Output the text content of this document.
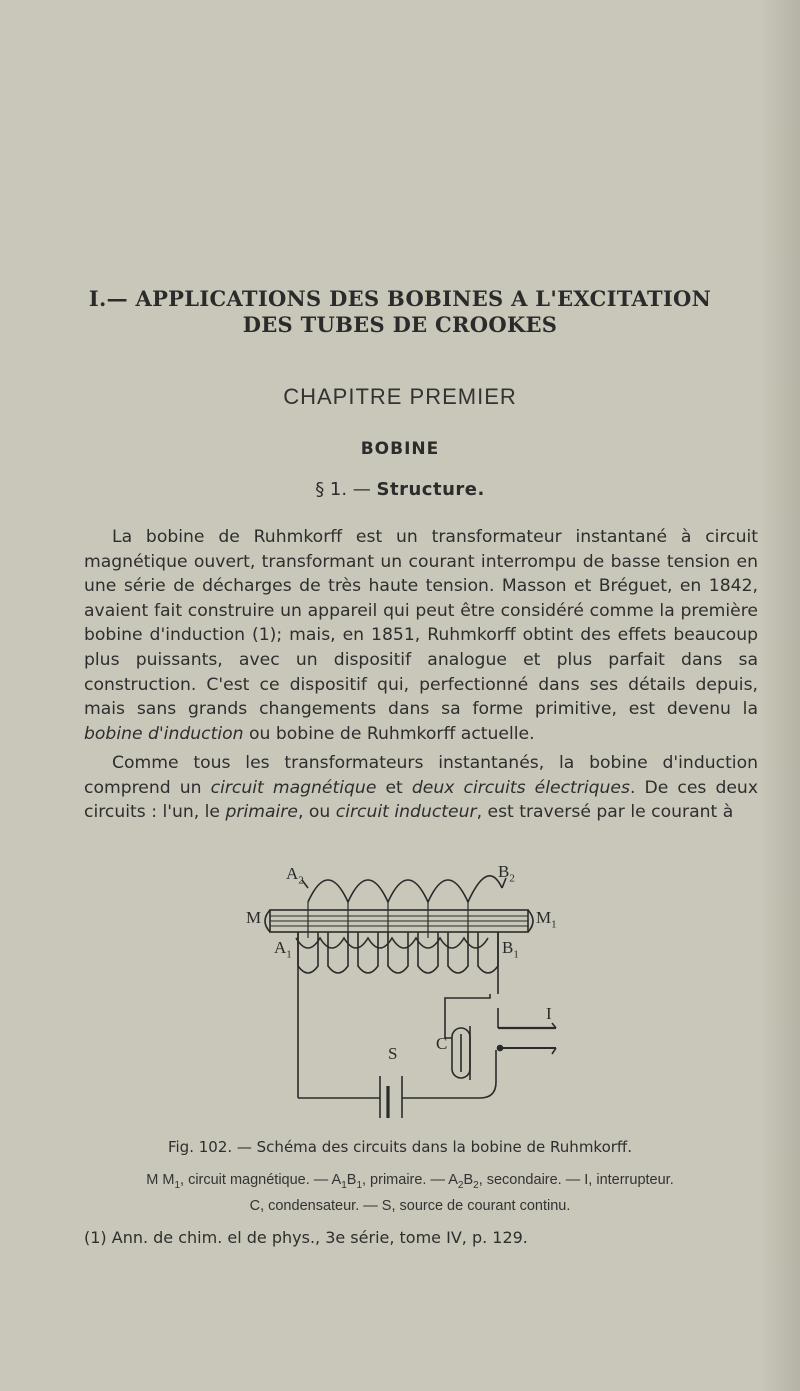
I.— APPLICATIONS DES BOBINES A L'EXCITATION DES TUBES DE CROOKES
CHAPITRE PREMIER
BOBINE
§ 1. — Structure.
La bobine de Ruhmkorff est un transformateur instantané à circuit magnétique ouvert, transformant un courant interrompu de basse tension en une série de décharges de très haute tension. Masson et Bréguet, en 1842, avaient fait construire un appareil qui peut être considéré comme la première bobine d'induction (1); mais, en 1851, Ruhmkorff obtint des effets beaucoup plus puissants, avec un dispositif analogue et plus parfait dans sa construction. C'est ce dispositif qui, perfectionné dans ses détails depuis, mais sans grands changements dans sa forme primitive, est devenu la bobine d'induction ou bobine de Ruhmkorff actuelle.
Comme tous les transformateurs instantanés, la bobine d'induction comprend un circuit magnétique et deux circuits électriques. De ces deux circuits : l'un, le primaire, ou circuit inducteur, est traversé par le courant à
$A_2$	$B_2$
M	$M_1$
$A_1$	$B_1$
I
C
S
Fig. 102. — Schéma des circuits dans la bobine de Ruhmkorff.
M $M_1$, circuit magnétique. — $A_1B_1$, primaire. — $A_2B_2$, secondaire. — I, interrupteur.
C, condensateur. — S, source de courant continu.
(1) Ann. de chim. el de phys., 3e série, tome IV, p. 129.
